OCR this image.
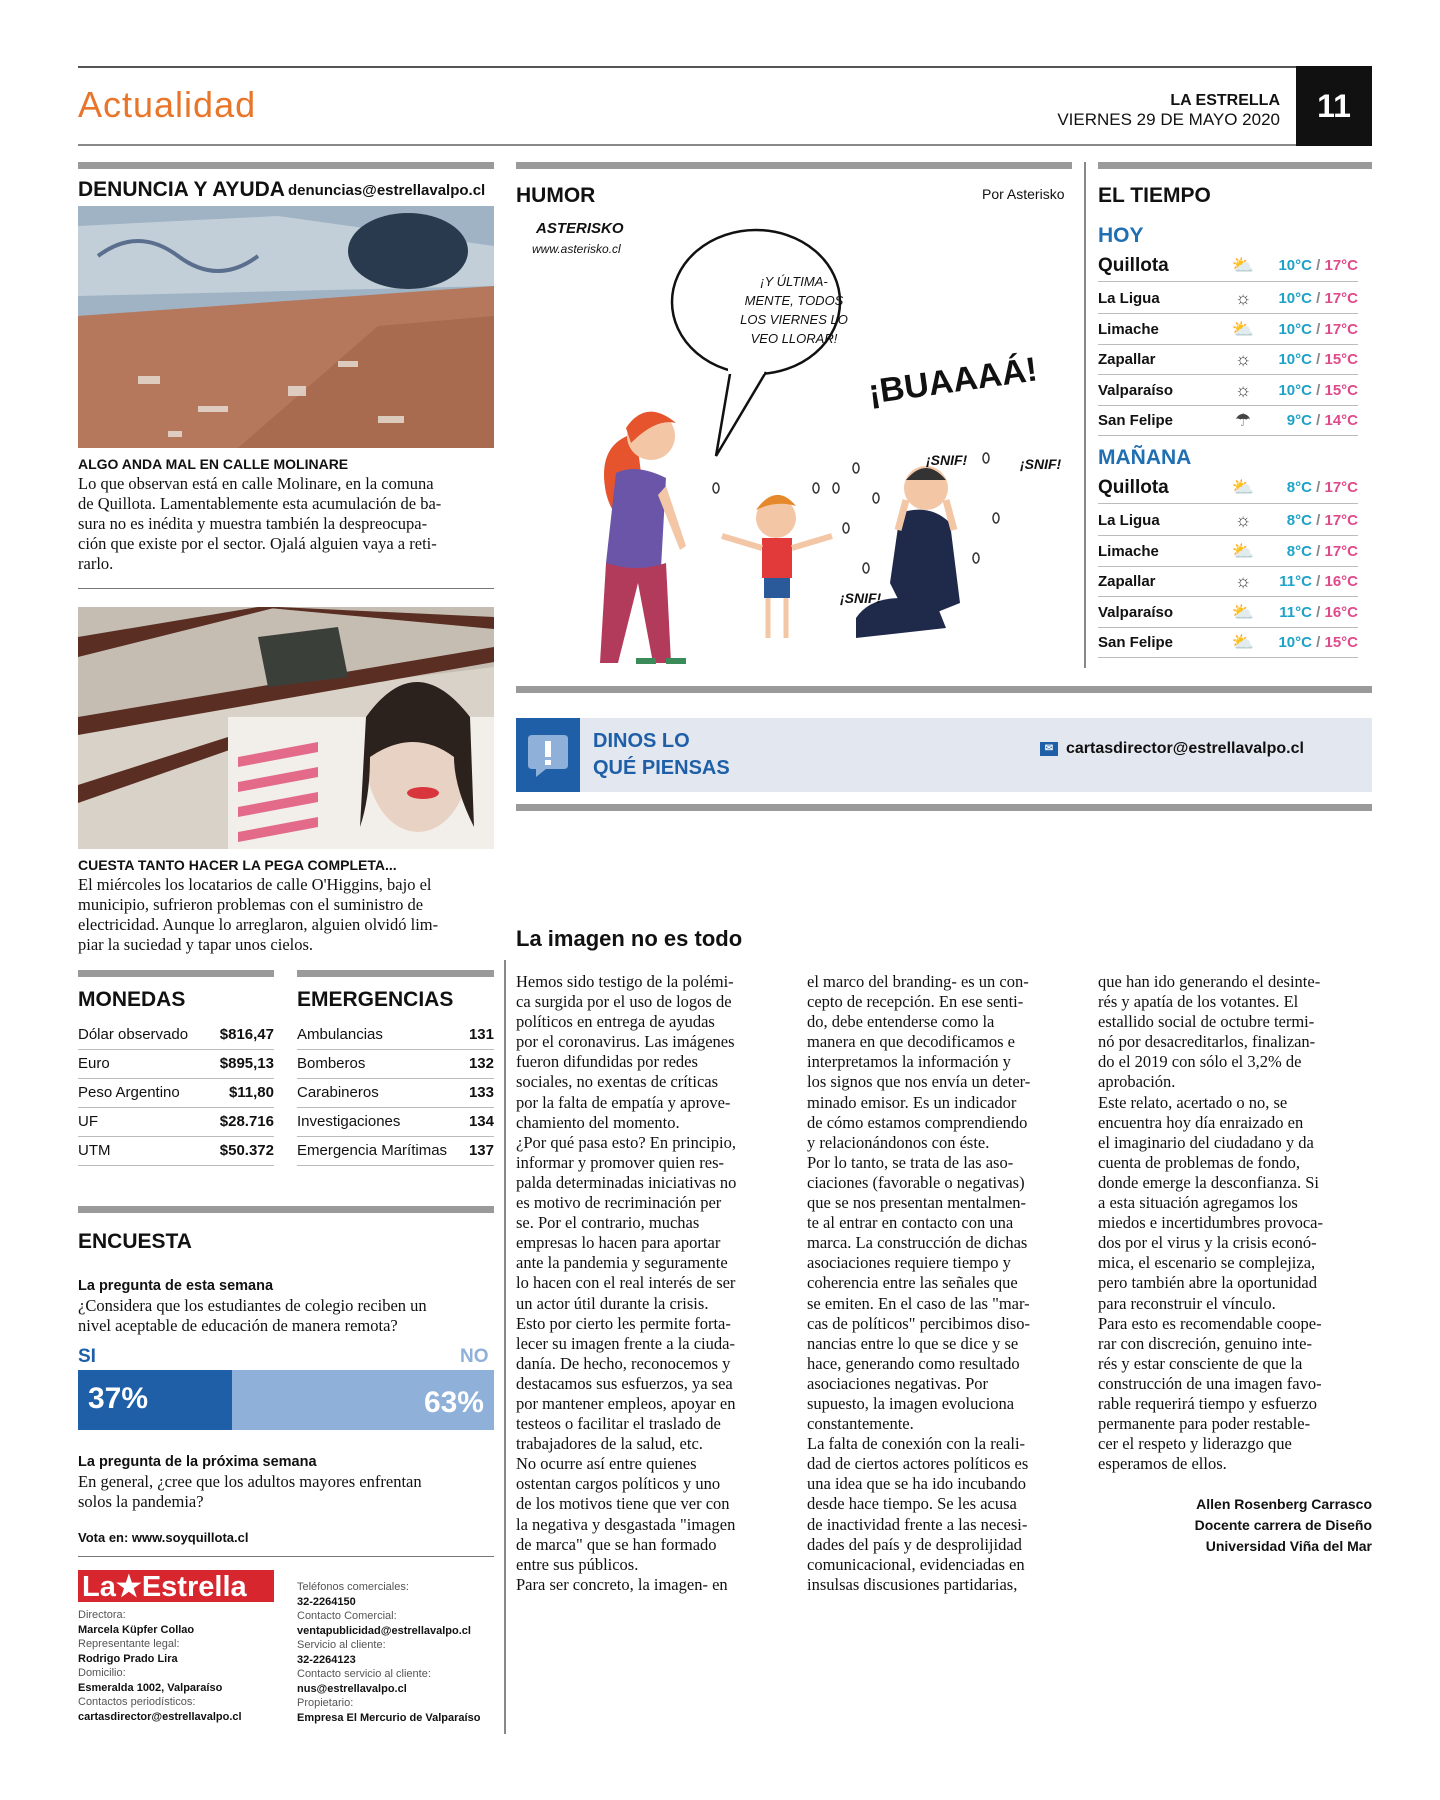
Actualidad	LA ESTRELLA
VIERNES 29 DE MAYO 2020	11
DENUNCIA Y AYUDA denuncias@estrellavalpo.cl
ALGO ANDA MAL EN CALLE MOLINARE
Lo que observan está en calle Molinare, en la comuna
de Quillota. Lamentablemente esta acumulación de ba-
sura no es inédita y muestra también la despreocupa-
ción que existe por el sector. Ojalá alguien vaya a reti-
rarlo.
CUESTA TANTO HACER LA PEGA COMPLETA...
El miércoles los locatarios de calle O'Higgins, bajo el
municipio, sufrieron problemas con el suministro de
electricidad. Aunque lo arreglaron, alguien olvidó lim-
piar la suciedad y tapar unos cielos.
MONEDAS
Dólar observado	$816,47
Euro	$895,13
Peso Argentino	$11,80
UF	$28.716
UTM	$50.372
EMERGENCIAS
Ambulancias	131
Bomberos	132
Carabineros	133
Investigaciones	134
Emergencia Marítimas	137
ENCUESTA
La pregunta de esta semana
¿Considera que los estudiantes de colegio reciben un
nivel aceptable de educación de manera remota?
SI	NO
37%	63%
La pregunta de la próxima semana
En general, ¿cree que los adultos mayores enfrentan
solos la pandemia?
Vota en: www.soyquillota.cl
La★Estrella
Directora:
Marcela Küpfer Collao
Representante legal:
Rodrigo Prado Lira
Domicilio:
Esmeralda 1002, Valparaíso
Contactos periodísticos:
cartasdirector@estrellavalpo.cl
Teléfonos comerciales:
32-2264150
Contacto Comercial:
ventapublicidad@estrellavalpo.cl
Servicio al cliente:
32-2264123
Contacto servicio al cliente:
nus@estrellavalpo.cl
Propietario:
Empresa El Mercurio de Valparaíso
HUMOR	Por Asterisko
ASTERISKO
www.asterisko.cl
¡Y ÚLTIMA-
MENTE, TODOS
LOS VIERNES LO
VEO LLORAR!
¡BUAAAÁ!
¡SNIF!	¡SNIF!
¡SNIF!
EL TIEMPO
HOY
MAÑANA
Quillota	⛅	10°C / 17°C
La Ligua	☼	10°C / 17°C
Limache	⛅	10°C / 17°C
Zapallar	☼	10°C / 15°C
Valparaíso	☼	10°C / 15°C
San Felipe	☂	9°C / 14°C
Quillota	⛅	8°C / 17°C
La Ligua	☼	8°C / 17°C
Limache	⛅	8°C / 17°C
Zapallar	☼	11°C / 16°C
Valparaíso	⛅	11°C / 16°C
San Felipe	⛅	10°C / 15°C
DINOS LO
QUÉ PIENSAS
✉ cartasdirector@estrellavalpo.cl
La imagen no es todo
Hemos sido testigo de la polémi-
ca surgida por el uso de logos de
políticos en entrega de ayudas
por el coronavirus. Las imágenes
fueron difundidas por redes
sociales, no exentas de críticas
por la falta de empatía y aprove-
chamiento del momento.
¿Por qué pasa esto? En principio,
informar y promover quien res-
palda determinadas iniciativas no
es motivo de recriminación per
se. Por el contrario, muchas
empresas lo hacen para aportar
ante la pandemia y seguramente
lo hacen con el real interés de ser
un actor útil durante la crisis.
Esto por cierto les permite forta-
lecer su imagen frente a la ciuda-
danía. De hecho, reconocemos y
destacamos sus esfuerzos, ya sea
por mantener empleos, apoyar en
testeos o facilitar el traslado de
trabajadores de la salud, etc.
No ocurre así entre quienes
ostentan cargos políticos y uno
de los motivos tiene que ver con
la negativa y desgastada "imagen
de marca" que se han formado
entre sus públicos.
Para ser concreto, la imagen- en
el marco del branding- es un con-
cepto de recepción. En ese senti-
do, debe entenderse como la
manera en que decodificamos e
interpretamos la información y
los signos que nos envía un deter-
minado emisor. Es un indicador
de cómo estamos comprendiendo
y relacionándonos con éste.
Por lo tanto, se trata de las aso-
ciaciones (favorable o negativas)
que se nos presentan mentalmen-
te al entrar en contacto con una
marca. La construcción de dichas
asociaciones requiere tiempo y
coherencia entre las señales que
se emiten. En el caso de las "mar-
cas de políticos" percibimos diso-
nancias entre lo que se dice y se
hace, generando como resultado
asociaciones negativas. Por
supuesto, la imagen evoluciona
constantemente.
La falta de conexión con la reali-
dad de ciertos actores políticos es
una idea que se ha ido incubando
desde hace tiempo. Se les acusa
de inactividad frente a las necesi-
dades del país y de desprolijidad
comunicacional, evidenciadas en
insulsas discusiones partidarias,
que han ido generando el desinte-
rés y apatía de los votantes. El
estallido social de octubre termi-
nó por desacreditarlos, finalizan-
do el 2019 con sólo el 3,2% de
aprobación.
Este relato, acertado o no, se
encuentra hoy día enraizado en
el imaginario del ciudadano y da
cuenta de problemas de fondo,
donde emerge la desconfianza. Si
a esta situación agregamos los
miedos e incertidumbres provoca-
dos por el virus y la crisis econó-
mica, el escenario se complejiza,
pero también abre la oportunidad
para reconstruir el vínculo.
Para esto es recomendable coope-
rar con discreción, genuino inte-
rés y estar consciente de que la
construcción de una imagen favo-
rable requerirá tiempo y esfuerzo
permanente para poder restable-
cer el respeto y liderazgo que
esperamos de ellos.
Allen Rosenberg Carrasco
Docente carrera de Diseño
Universidad Viña del Mar
